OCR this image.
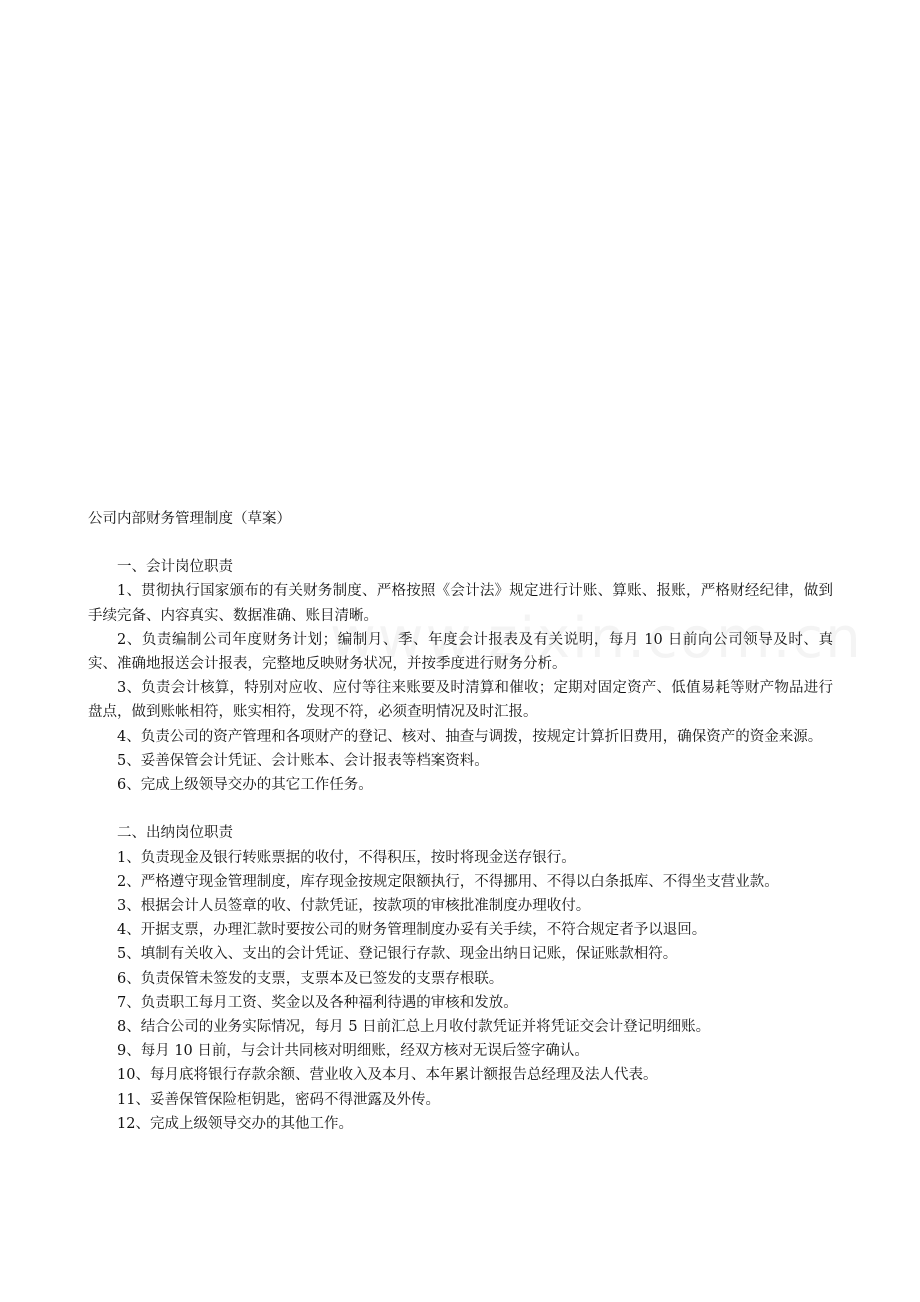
公司内部财务管理制度（草案）

一、会计岗位职责

1、贯彻执行国家颁布的有关财务制度、严格按照《会计法》规定进行计账、算账、报账，严格财经纪律，做到手续完备、内容真实、数据准确、账目清晰。

2、负责编制公司年度财务计划；编制月、季、年度会计报表及有关说明，每月 10 日前向公司领导及时、真实、准确地报送会计报表，完整地反映财务状况，并按季度进行财务分析。

3、负责会计核算，特别对应收、应付等往来账要及时清算和催收；定期对固定资产、低值易耗等财产物品进行盘点，做到账帐相符，账实相符，发现不符，必须查明情况及时汇报。

4、负责公司的资产管理和各项财产的登记、核对、抽查与调拨，按规定计算折旧费用，确保资产的资金来源。

5、妥善保管会计凭证、会计账本、会计报表等档案资料。

6、完成上级领导交办的其它工作任务。

二、出纳岗位职责

1、负责现金及银行转账票据的收付，不得积压，按时将现金送存银行。

2、严格遵守现金管理制度，库存现金按规定限额执行，不得挪用、不得以白条抵库、不得坐支营业款。

3、根据会计人员签章的收、付款凭证，按款项的审核批准制度办理收付。

4、开据支票，办理汇款时要按公司的财务管理制度办妥有关手续，不符合规定者予以退回。

5、填制有关收入、支出的会计凭证、登记银行存款、现金出纳日记账，保证账款相符。

6、负责保管未签发的支票，支票本及已签发的支票存根联。

7、负责职工每月工资、奖金以及各种福利待遇的审核和发放。

8、结合公司的业务实际情况，每月 5 日前汇总上月收付款凭证并将凭证交会计登记明细账。

9、每月 10 日前，与会计共同核对明细账，经双方核对无误后签字确认。

10、每月底将银行存款余额、营业收入及本月、本年累计额报告总经理及法人代表。

11、妥善保管保险柜钥匙，密码不得泄露及外传。

12、完成上级领导交办的其他工作。
